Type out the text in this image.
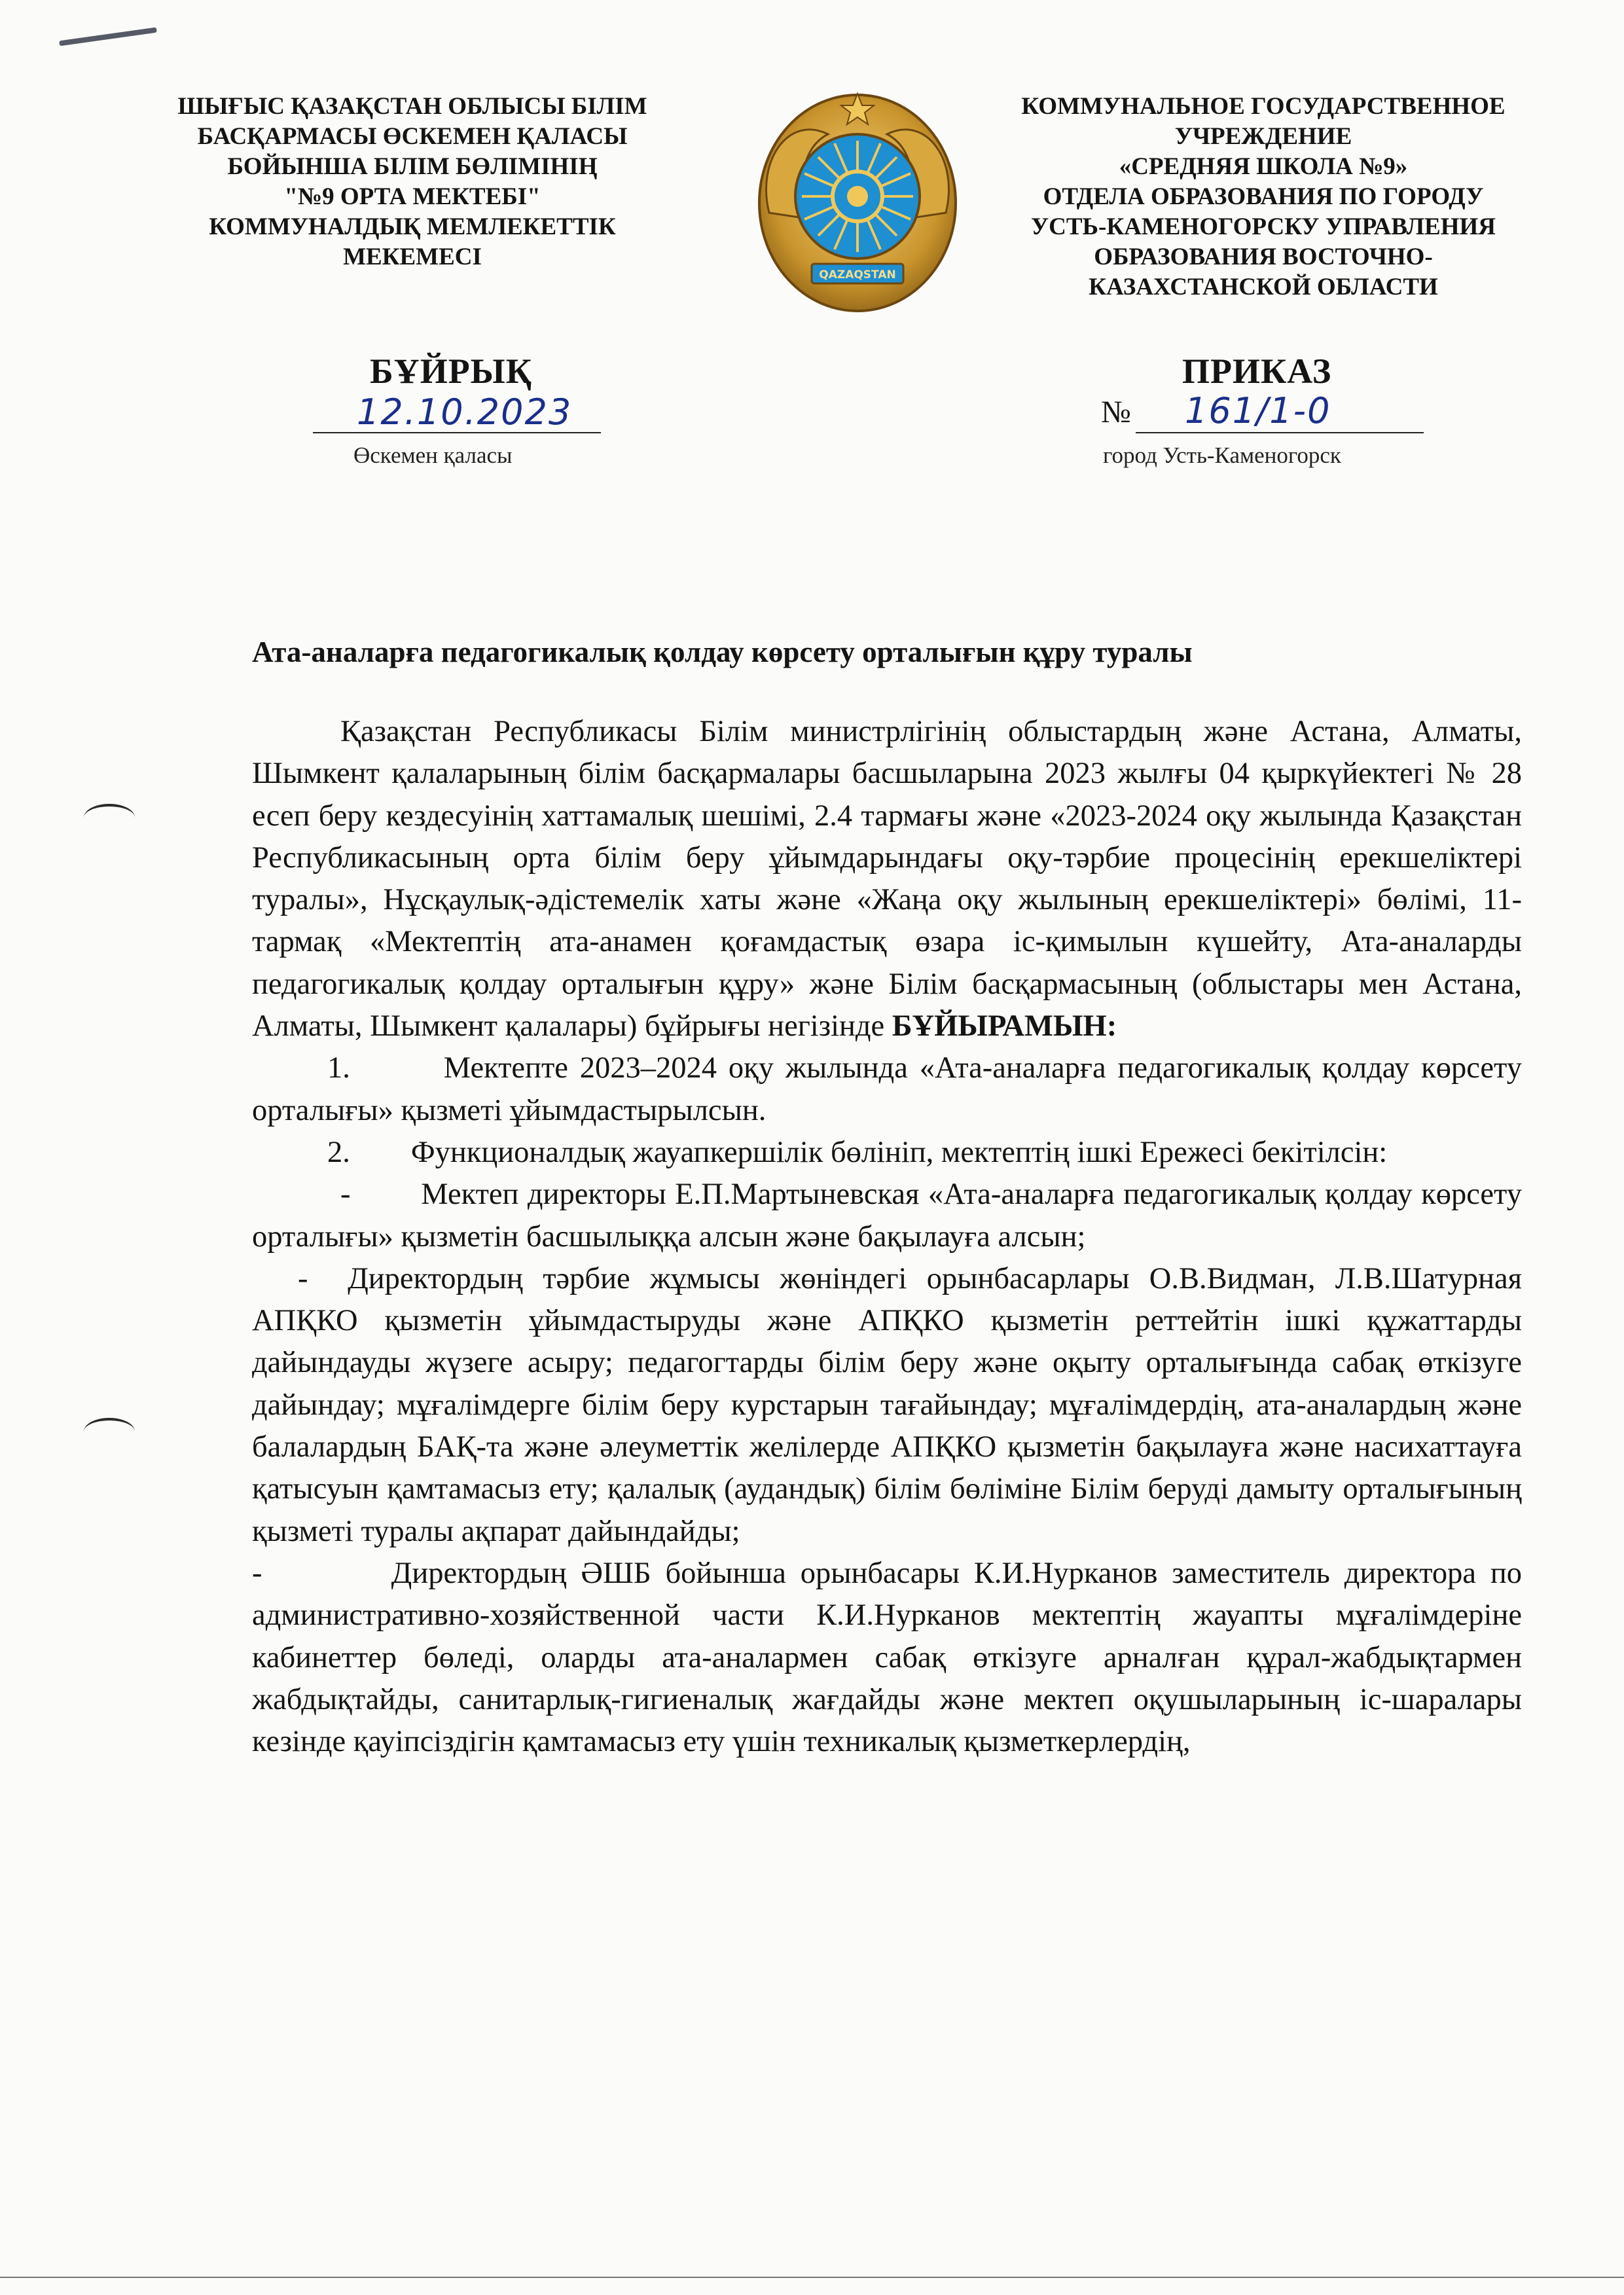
ШЫҒЫС ҚАЗАҚСТАН ОБЛЫСЫ БІЛІМ
БАСҚАРМАСЫ ӨСКЕМЕН ҚАЛАСЫ
БОЙЫНША БІЛІМ БӨЛІМІНІҢ
"№9 ОРТА МЕКТЕБІ"
КОММУНАЛДЫҚ МЕМЛЕКЕТТІК
МЕКЕМЕСІ
QAZAQSTAN
КОММУНАЛЬНОЕ ГОСУДАРСТВЕННОЕ
УЧРЕЖДЕНИЕ
«СРЕДНЯЯ ШКОЛА №9»
ОТДЕЛА ОБРАЗОВАНИЯ ПО ГОРОДУ
УСТЬ-КАМЕНОГОРСКУ УПРАВЛЕНИЯ
ОБРАЗОВАНИЯ ВОСТОЧНО-
КАЗАХСТАНСКОЙ ОБЛАСТИ
БҰЙРЫҚ	ПРИКАЗ
12.10.2023
Өскемен қаласы
№ 161/1-0
город Усть-Каменогорск
Ата-аналарға педагогикалық қолдау көрсету орталығын құру туралы

Қазақстан Республикасы Білім министрлігінің облыстардың және Астана, Алматы, Шымкент қалаларының білім басқармалары басшыларына 2023 жылғы 04 қыркүйектегі № 28 есеп беру кездесуінің хаттамалық шешімі, 2.4 тармағы және «2023-2024 оқу жылында Қазақстан Республикасының орта білім беру ұйымдарындағы оқу-тәрбие процесінің ерекшеліктері туралы», Нұсқаулық-әдістемелік хаты және «Жаңа оқу жылының ерекшеліктері» бөлімі, 11-тармақ «Мектептің ата-анамен қоғамдастық өзара іс-қимылын күшейту, Ата-аналарды педагогикалық қолдау орталығын құру» және Білім басқармасының (облыстары мен Астана, Алматы, Шымкент қалалары) бұйрығы негізінде БҰЙЫРАМЫН:

1.	Мектепте 2023–2024 оқу жылында «Ата-аналарға педагогикалық қолдау көрсету орталығы» қызметі ұйымдастырылсын.

2. Функционалдық жауапкершілік бөлініп, мектептің ішкі Ережесі бекітілсін:

- Мектеп директоры Е.П.Мартыневская «Ата-аналарға педагогикалық қолдау көрсету орталығы» қызметін басшылыққа алсын және бақылауға алсын;

- Директордың тәрбие жұмысы жөніндегі орынбасарлары О.В.Видман, Л.В.Шатурная АПҚКО қызметін ұйымдастыруды және АПҚКО қызметін реттейтін ішкі құжаттарды дайындауды жүзеге асыру; педагогтарды білім беру және оқыту орталығында сабақ өткізуге дайындау; мұғалімдерге білім беру курстарын тағайындау; мұғалімдердің, ата-аналардың және балалардың БАҚ-та және әлеуметтік желілерде АПҚКО қызметін бақылауға және насихаттауға қатысуын қамтамасыз ету; қалалық (аудандық) білім бөліміне Білім беруді дамыту орталығының қызметі туралы ақпарат дайындайды;

-	Директордың ӘШБ бойынша орынбасары К.И.Нурканов заместитель директора по административно-хозяйственной части К.И.Нурканов мектептің жауапты мұғалімдеріне кабинеттер бөледі, оларды ата-аналармен сабақ өткізуге арналған құрал-жабдықтармен жабдықтайды, санитарлық-гигиеналық жағдайды және мектеп оқушыларының іс-шаралары кезінде қауіпсіздігін қамтамасыз ету үшін техникалық қызметкерлердің,
